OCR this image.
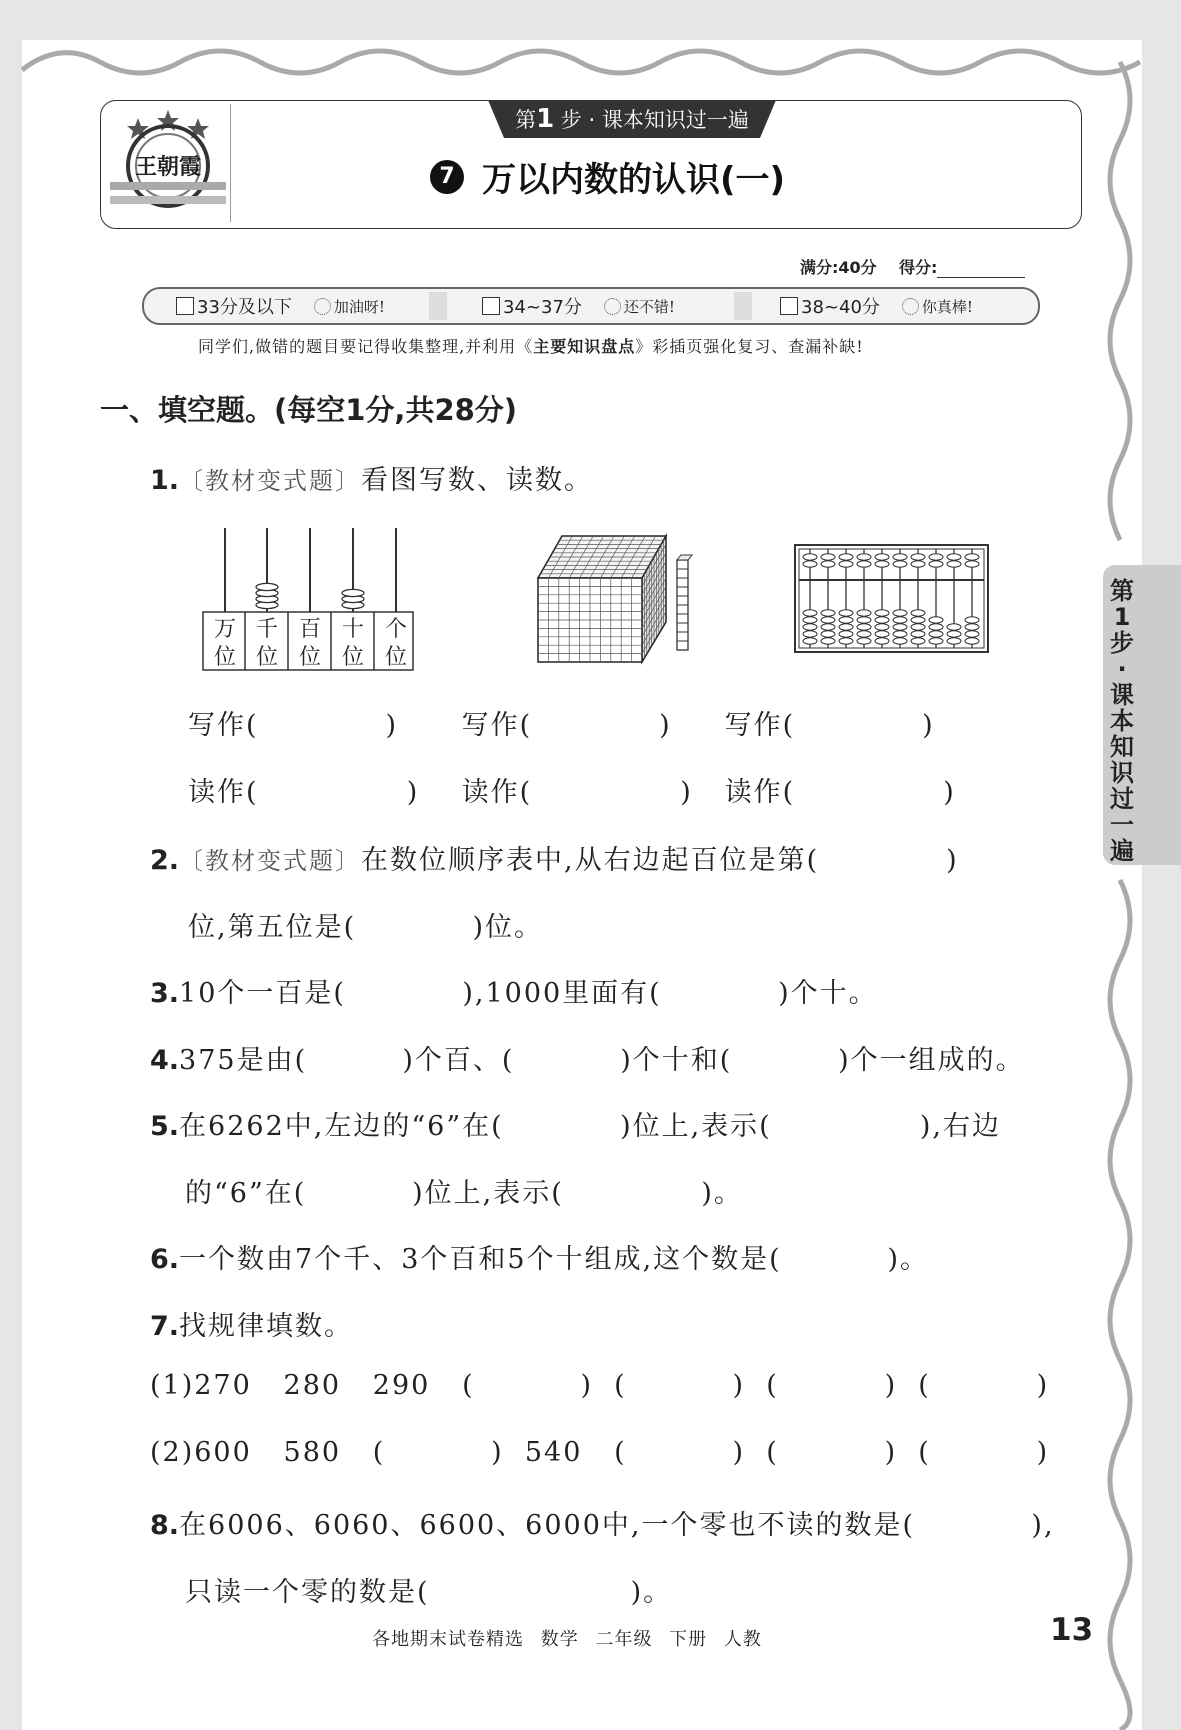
王朝霞
第1 步 · 课本知识过一遍
7 万以内数的认识(一)
满分:40分 得分:
33分及以下	加油呀!	34~37分	还不错!	38~40分	你真棒!
同学们,做错的题目要记得收集整理,并利用《主要知识盘点》彩插页强化复习、查漏补缺!
一、填空题。(每空1分,共28分)
1.〔教材变式题〕看图写数、读数。
万
位
千
位
百
位
十
位
个
位
写作(	) 写作(	) 写作(	)
读作(	) 读作(	) 读作(	)
2.〔教材变式题〕在数位顺序表中,从右边起百位是第(            )
位,第五位是(           )位。
3.10个一百是(           ),1000里面有(           )个十。
4.375是由(         )个百、(          )个十和(          )个一组成的。
5.在6262中,左边的“6”在(           )位上,表示(              ),右边
的“6”在(          )位上,表示(             )。
6.一个数由7个千、3个百和5个十组成,这个数是(          )。
7.找规律填数。
(1)270   280   290   (          )  (          )  (          )  (          )
(2)600   580   (          )  540   (          )  (          )  (          )
8.在6006、6060、6600、6000中,一个零也不读的数是(           ),
只读一个零的数是(                   )。
第1步·课本知识过一遍
各地期末试卷精选 数学 二年级 下册 人教	13
